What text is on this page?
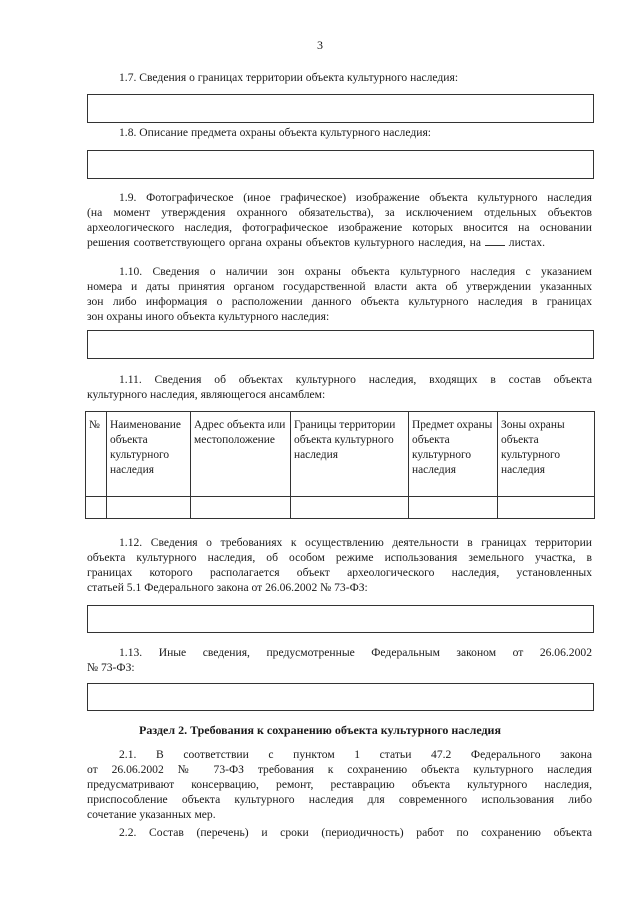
3
1.7. Сведения о границах территории объекта культурного наследия:
1.8. Описание предмета охраны объекта культурного наследия:
1.9. Фотографическое (иное графическое) изображение объекта культурного наследия
(на момент утверждения охранного обязательства), за исключением отдельных объектов
археологического наследия, фотографическое изображение которых вносится на основании
решения соответствующего органа охраны объектов культурного наследия, на листах.
1.10. Сведения о наличии зон охраны объекта культурного наследия с указанием
номера и даты принятия органом государственной власти акта об утверждении указанных
зон либо информация о расположении данного объекта культурного наследия в границах
зон охраны иного объекта культурного наследия:
1.11. Сведения об объектах культурного наследия, входящих в состав объекта
культурного наследия, являющегося ансамблем:
№	Наименование объекта культурного наследия	Адрес объекта или местоположение	Границы территории объекта культурного наследия	Предмет охраны объекта культурного наследия	Зоны охраны объекта культурного наследия

1.12. Сведения о требованиях к осуществлению деятельности в границах территории
объекта культурного наследия, об особом режиме использования земельного участка, в
границах которого располагается объект археологического наследия, установленных
статьей 5.1 Федерального закона от 26.06.2002 № 73-ФЗ:
1.13. Иные сведения, предусмотренные Федеральным законом от 26.06.2002
№ 73-ФЗ:
Раздел 2. Требования к сохранению объекта культурного наследия
2.1. В соответствии с пунктом 1 статьи 47.2 Федерального закона
от 26.06.2002 № 73-ФЗ требования к сохранению объекта культурного наследия
предусматривают консервацию, ремонт, реставрацию объекта культурного наследия,
приспособление объекта культурного наследия для современного использования либо
сочетание указанных мер.
2.2. Состав (перечень) и сроки (периодичность) работ по сохранению объекта
